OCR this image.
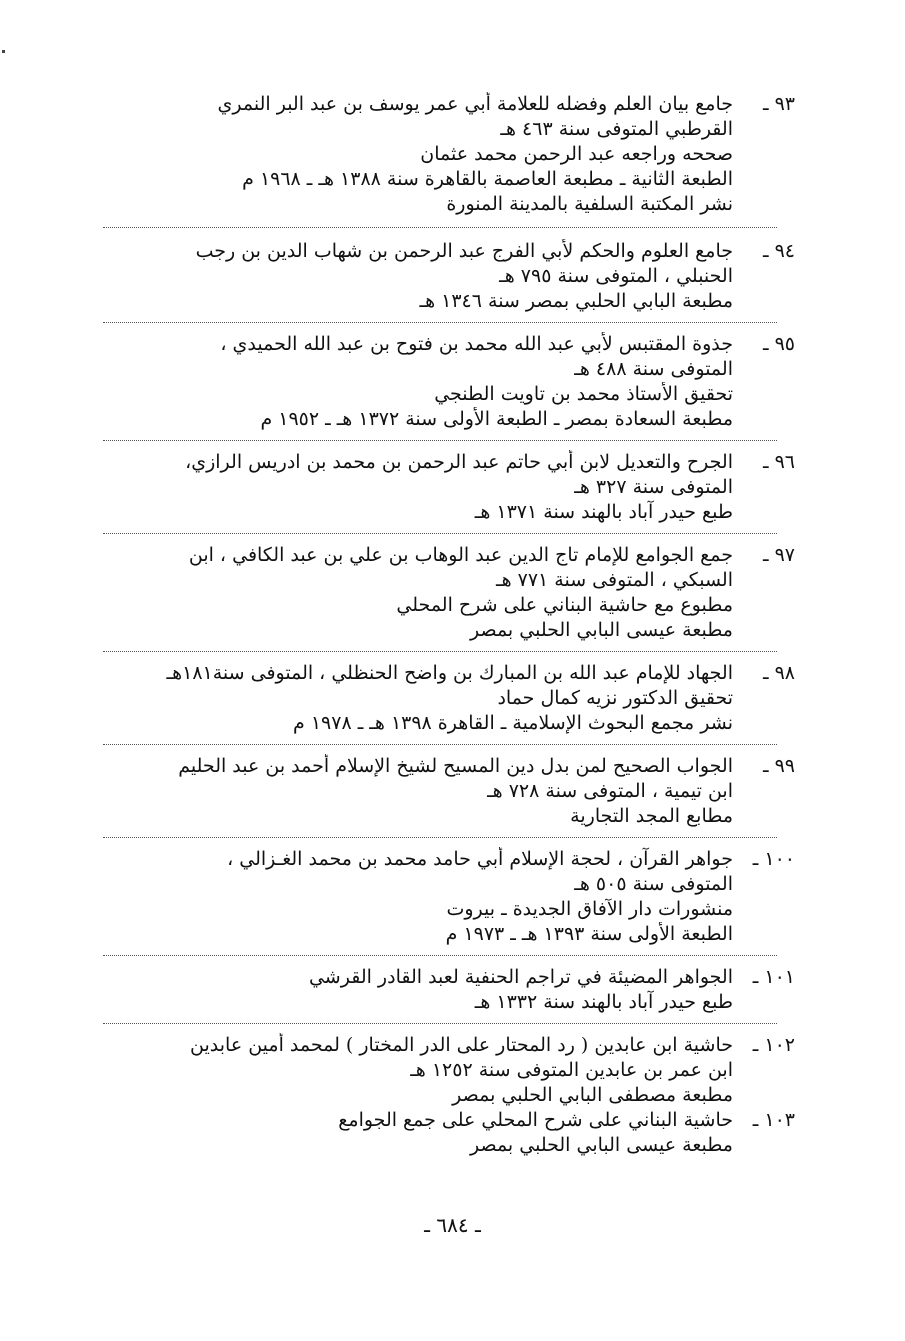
٩٣ ـ
جامع بيان العلم وفضله للعلامة أبي عمر يوسف بن عبد البر النمري
القرطبي المتوفى سنة ٤٦٣ هـ
صححه وراجعه عبد الرحمن محمد عثمان
الطبعة الثانية ـ مطبعة العاصمة بالقاهرة سنة ١٣٨٨ هـ ـ ١٩٦٨ م
نشر المكتبة السلفية بالمدينة المنورة
٩٤ ـ
جامع العلوم والحكم لأبي الفرج عبد الرحمن بن شهاب الدين بن رجب
الحنبلي ، المتوفى سنة ٧٩٥ هـ
مطبعة البابي الحلبي بمصر سنة ١٣٤٦ هـ
٩٥ ـ
جذوة المقتبس لأبي عبد الله محمد بن فتوح بن عبد الله الحميدي ،
المتوفى سنة ٤٨٨ هـ
تحقيق الأستاذ محمد بن تاويت الطنجي
مطبعة السعادة بمصر ـ الطبعة الأولى سنة ١٣٧٢ هـ ـ ١٩٥٢ م
٩٦ ـ
الجرح والتعديل لابن أبي حاتم عبد الرحمن بن محمد بن ادريس الرازي،
المتوفى سنة ٣٢٧ هـ
طبع حيدر آباد بالهند سنة ١٣٧١ هـ
٩٧ ـ
جمع الجوامع للإمام تاج الدين عبد الوهاب بن علي بن عبد الكافي ، ابن
السبكي ، المتوفى سنة ٧٧١ هـ
مطبوع مع حاشية البناني على شرح المحلي
مطبعة عيسى البابي الحلبي بمصر
٩٨ ـ
الجهاد للإمام عبد الله بن المبارك بن واضح الحنظلي ، المتوفى سنة١٨١هـ
تحقيق الدكتور نزيه كمال حماد
نشر مجمع البحوث الإسلامية ـ القاهرة ١٣٩٨ هـ ـ ١٩٧٨ م
٩٩ ـ
الجواب الصحيح لمن بدل دين المسيح لشيخ الإسلام أحمد بن عبد الحليم
ابن تيمية ، المتوفى سنة ٧٢٨ هـ
مطابع المجد التجارية
١٠٠ ـ
جواهر القرآن ، لحجة الإسلام أبي حامد محمد بن محمد الغـزالي ،
المتوفى سنة ٥٠٥ هـ
منشورات دار الآفاق الجديدة ـ بيروت
الطبعة الأولى سنة ١٣٩٣ هـ ـ ١٩٧٣ م
١٠١ ـ
الجواهر المضيئة في تراجم الحنفية لعبد القادر القرشي
طبع حيدر آباد بالهند سنة ١٣٣٢ هـ
١٠٢ ـ
حاشية ابن عابدين ( رد المحتار على الدر المختار ) لمحمد أمين عابدين
ابن عمر بن عابدين المتوفى سنة ١٢٥٢ هـ
مطبعة مصطفى البابي الحلبي بمصر
١٠٣ ـ
حاشية البناني على شرح المحلي على جمع الجوامع
مطبعة عيسى البابي الحلبي بمصر
ـ ٦٨٤ ـ
